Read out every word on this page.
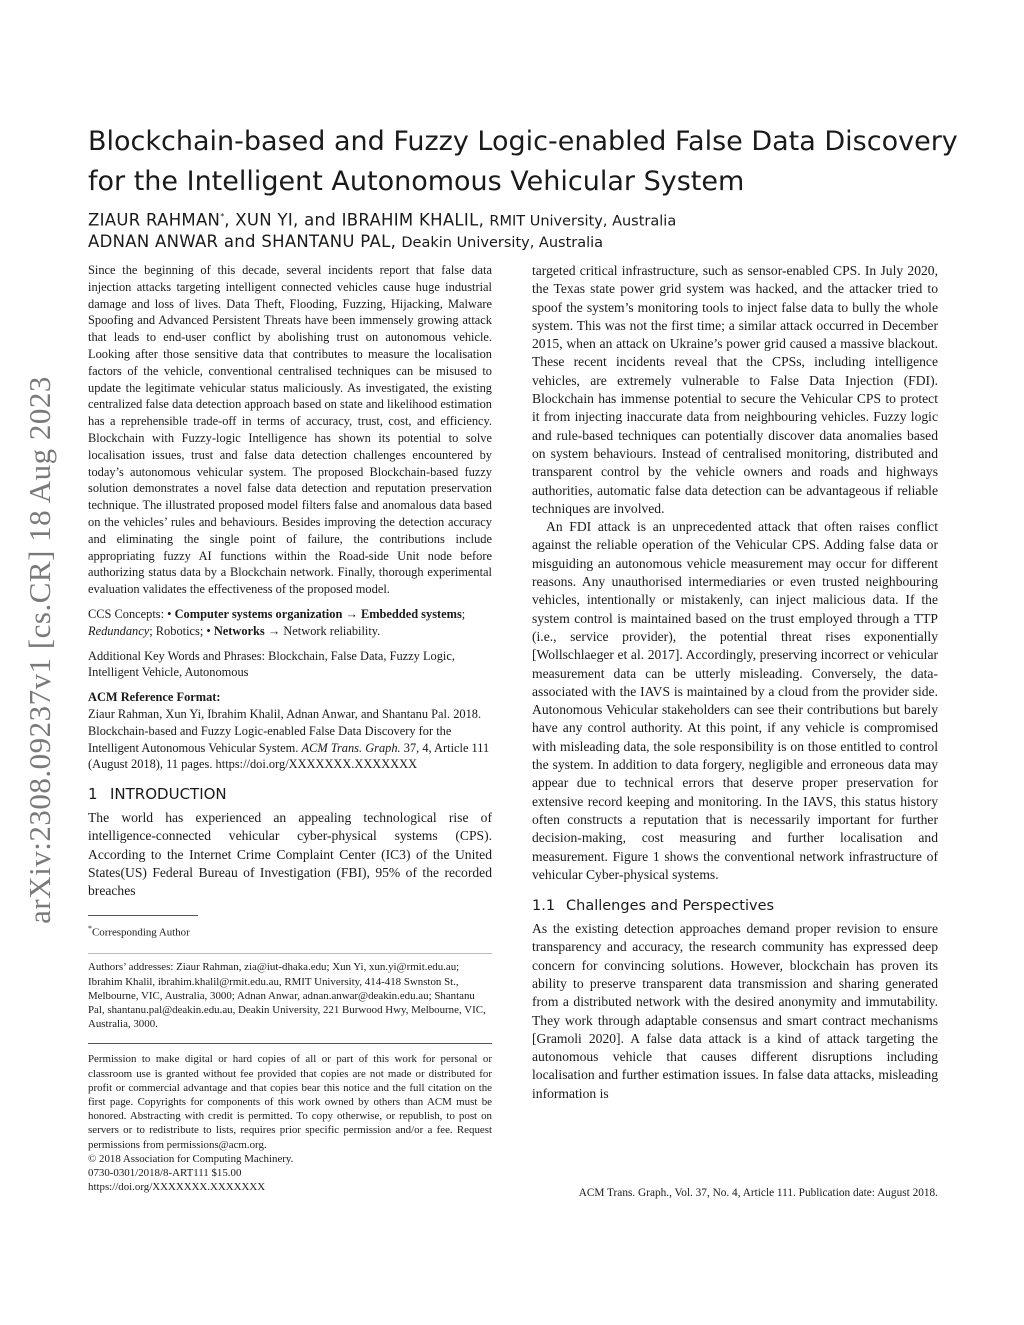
arXiv:2308.09237v1 [cs.CR] 18 Aug 2023
Blockchain-based and Fuzzy Logic-enabled False Data Discovery for the Intelligent Autonomous Vehicular System
ZIAUR RAHMAN*, XUN YI, and IBRAHIM KHALIL, RMIT University, Australia
ADNAN ANWAR and SHANTANU PAL, Deakin University, Australia

Since the beginning of this decade, several incidents report that false data injection attacks targeting intelligent connected vehicles cause huge industrial damage and loss of lives. Data Theft, Flooding, Fuzzing, Hijacking, Malware Spoofing and Advanced Persistent Threats have been immensely growing attack that leads to end-user conflict by abolishing trust on autonomous vehicle. Looking after those sensitive data that contributes to measure the localisation factors of the vehicle, conventional centralised techniques can be misused to update the legitimate vehicular status maliciously. As investigated, the existing centralized false data detection approach based on state and likelihood estimation has a reprehensible trade-off in terms of accuracy, trust, cost, and efficiency. Blockchain with Fuzzy-logic Intelligence has shown its potential to solve localisation issues, trust and false data detection challenges encountered by today’s autonomous vehicular system. The proposed Blockchain-based fuzzy solution demonstrates a novel false data detection and reputation preservation technique. The illustrated proposed model filters false and anomalous data based on the vehicles’ rules and behaviours. Besides improving the detection accuracy and eliminating the single point of failure, the contributions include appropriating fuzzy AI functions within the Road-side Unit node before authorizing status data by a Blockchain network. Finally, thorough experimental evaluation validates the effectiveness of the proposed model.

CCS Concepts: • Computer systems organization → Embedded systems; Redundancy; Robotics; • Networks → Network reliability.

Additional Key Words and Phrases: Blockchain, False Data, Fuzzy Logic, Intelligent Vehicle, Autonomous

ACM Reference Format:

Ziaur Rahman, Xun Yi, Ibrahim Khalil, Adnan Anwar, and Shantanu Pal. 2018. Blockchain-based and Fuzzy Logic-enabled False Data Discovery for the Intelligent Autonomous Vehicular System. ACM Trans. Graph. 37, 4, Article 111 (August 2018), 11 pages. https://doi.org/XXXXXXX.XXXXXXX

1 INTRODUCTION

The world has experienced an appealing technological rise of intelligence-connected vehicular cyber-physical systems (CPS). According to the Internet Crime Complaint Center (IC3) of the United States(US) Federal Bureau of Investigation (FBI), 95% of the recorded breaches

*Corresponding Author

Authors’ addresses: Ziaur Rahman, zia@iut-dhaka.edu; Xun Yi, xun.yi@rmit.edu.au; Ibrahim Khalil, ibrahim.khalil@rmit.edu.au, RMIT University, 414-418 Swnston St., Melbourne, VIC, Australia, 3000; Adnan Anwar, adnan.anwar@deakin.edu.au; Shantanu Pal, shantanu.pal@deakin.edu.au, Deakin University, 221 Burwood Hwy, Melbourne, VIC, Australia, 3000.

Permission to make digital or hard copies of all or part of this work for personal or classroom use is granted without fee provided that copies are not made or distributed for profit or commercial advantage and that copies bear this notice and the full citation on the first page. Copyrights for components of this work owned by others than ACM must be honored. Abstracting with credit is permitted. To copy otherwise, or republish, to post on servers or to redistribute to lists, requires prior specific permission and/or a fee. Request permissions from permissions@acm.org.

© 2018 Association for Computing Machinery.

0730-0301/2018/8-ART111 $15.00

https://doi.org/XXXXXXX.XXXXXXX

targeted critical infrastructure, such as sensor-enabled CPS. In July 2020, the Texas state power grid system was hacked, and the attacker tried to spoof the system’s monitoring tools to inject false data to bully the whole system. This was not the first time; a similar attack occurred in December 2015, when an attack on Ukraine’s power grid caused a massive blackout. These recent incidents reveal that the CPSs, including intelligence vehicles, are extremely vulnerable to False Data Injection (FDI). Blockchain has immense potential to secure the Vehicular CPS to protect it from injecting inaccurate data from neighbouring vehicles. Fuzzy logic and rule-based techniques can potentially discover data anomalies based on system behaviours. Instead of centralised monitoring, distributed and transparent control by the vehicle owners and roads and highways authorities, automatic false data detection can be advantageous if reliable techniques are involved.

An FDI attack is an unprecedented attack that often raises conflict against the reliable operation of the Vehicular CPS. Adding false data or misguiding an autonomous vehicle measurement may occur for different reasons. Any unauthorised intermediaries or even trusted neighbouring vehicles, intentionally or mistakenly, can inject malicious data. If the system control is maintained based on the trust employed through a TTP (i.e., service provider), the potential threat rises exponentially [Wollschlaeger et al. 2017]. Accordingly, preserving incorrect or vehicular measurement data can be utterly misleading. Conversely, the data-associated with the IAVS is maintained by a cloud from the provider side. Autonomous Vehicular stakeholders can see their contributions but barely have any control authority. At this point, if any vehicle is compromised with misleading data, the sole responsibility is on those entitled to control the system. In addition to data forgery, negligible and erroneous data may appear due to technical errors that deserve proper preservation for extensive record keeping and monitoring. In the IAVS, this status history often constructs a reputation that is necessarily important for further decision-making, cost measuring and further localisation and measurement. Figure 1 shows the conventional network infrastructure of vehicular Cyber-physical systems.

1.1 Challenges and Perspectives

As the existing detection approaches demand proper revision to ensure transparency and accuracy, the research community has expressed deep concern for convincing solutions. However, blockchain has proven its ability to preserve transparent data transmission and sharing generated from a distributed network with the desired anonymity and immutability. They work through adaptable consensus and smart contract mechanisms [Gramoli 2020]. A false data attack is a kind of attack targeting the autonomous vehicle that causes different disruptions including localisation and further estimation issues. In false data attacks, misleading information is

ACM Trans. Graph., Vol. 37, No. 4, Article 111. Publication date: August 2018.
